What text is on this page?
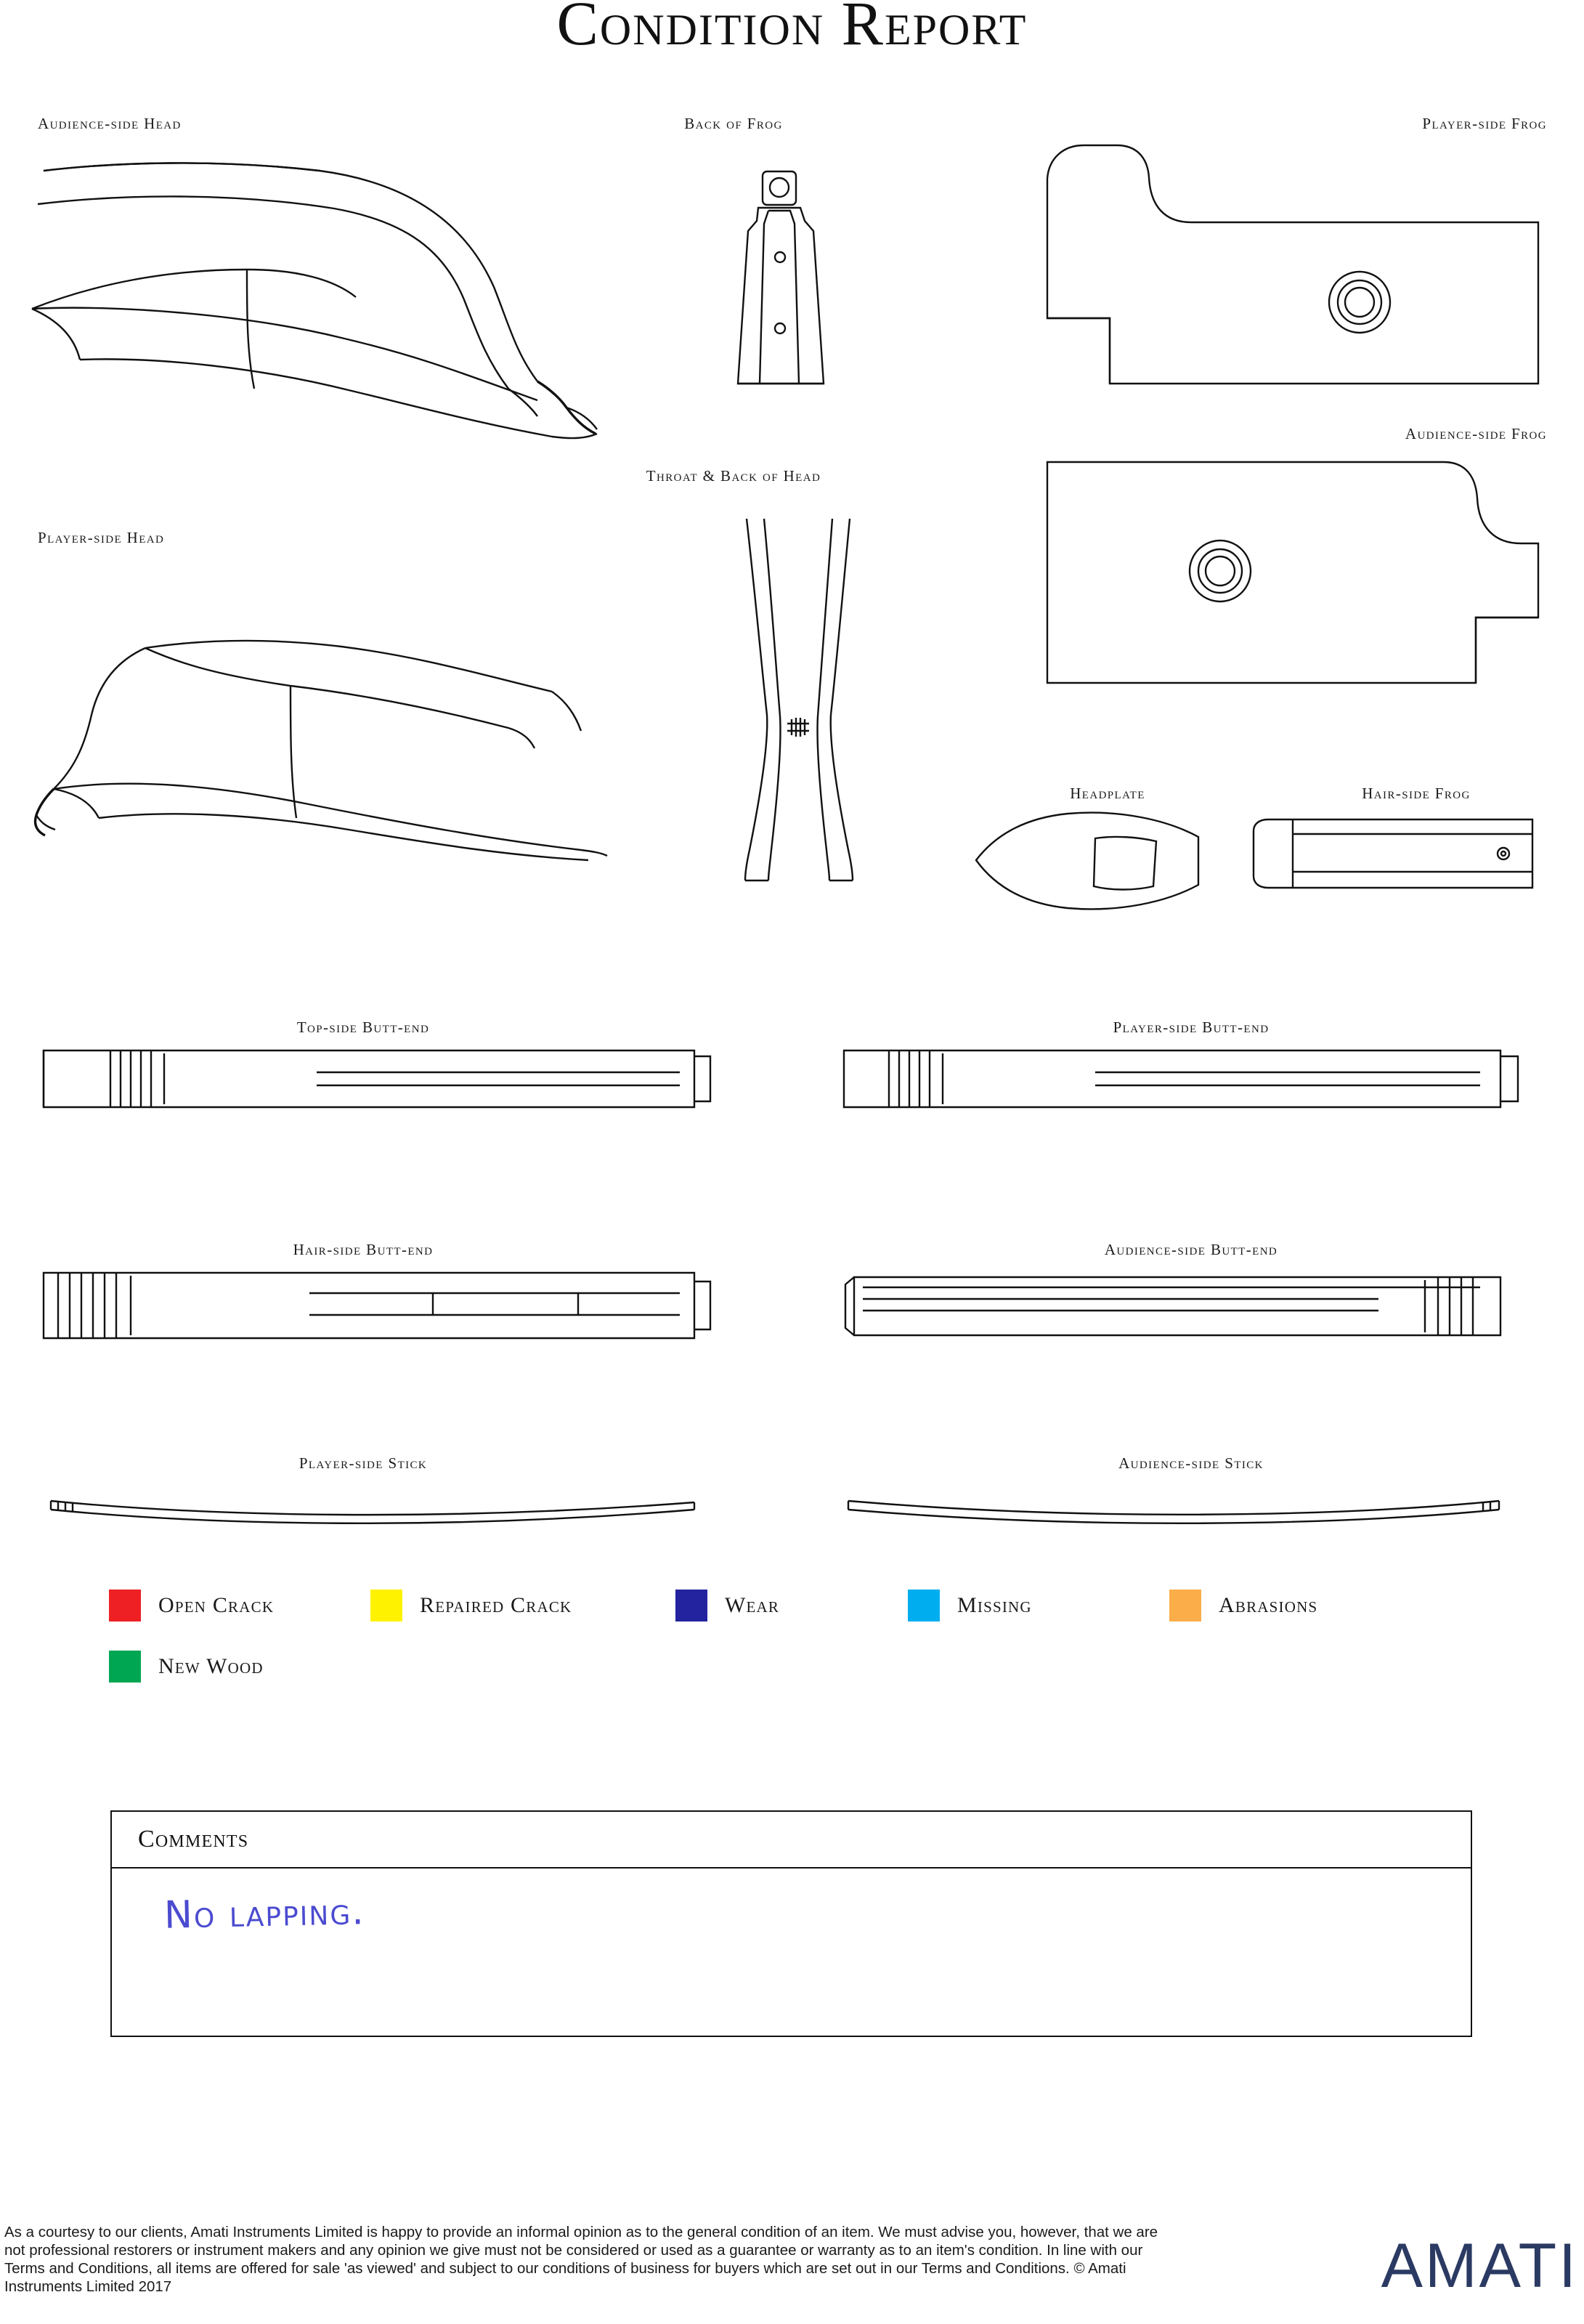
Condition Report
Audience-side Head	Back of Frog	Player-side Frog
Audience-side Frog
Throat & Back of Head
Player-side Head
Headplate	Hair-side Frog
Top-side Butt-end	Player-side Butt-end
Hair-side Butt-end	Audience-side Butt-end
Player-side Stick	Audience-side Stick
Open Crack	Repaired Crack	Wear	Missing	Abrasions
New Wood
Comments
No lapping.
As a courtesy to our clients, Amati Instruments Limited is happy to provide an informal opinion as to the general condition of an item. We must advise you, however, that we are not professional restorers or instrument makers and any opinion we give must not be considered or used as a guarantee or warranty as to an item's condition. In line with our Terms and Conditions, all items are offered for sale 'as viewed' and subject to our conditions of business for buyers which are set out in our Terms and Conditions. © Amati Instruments Limited 2017	AMATI
